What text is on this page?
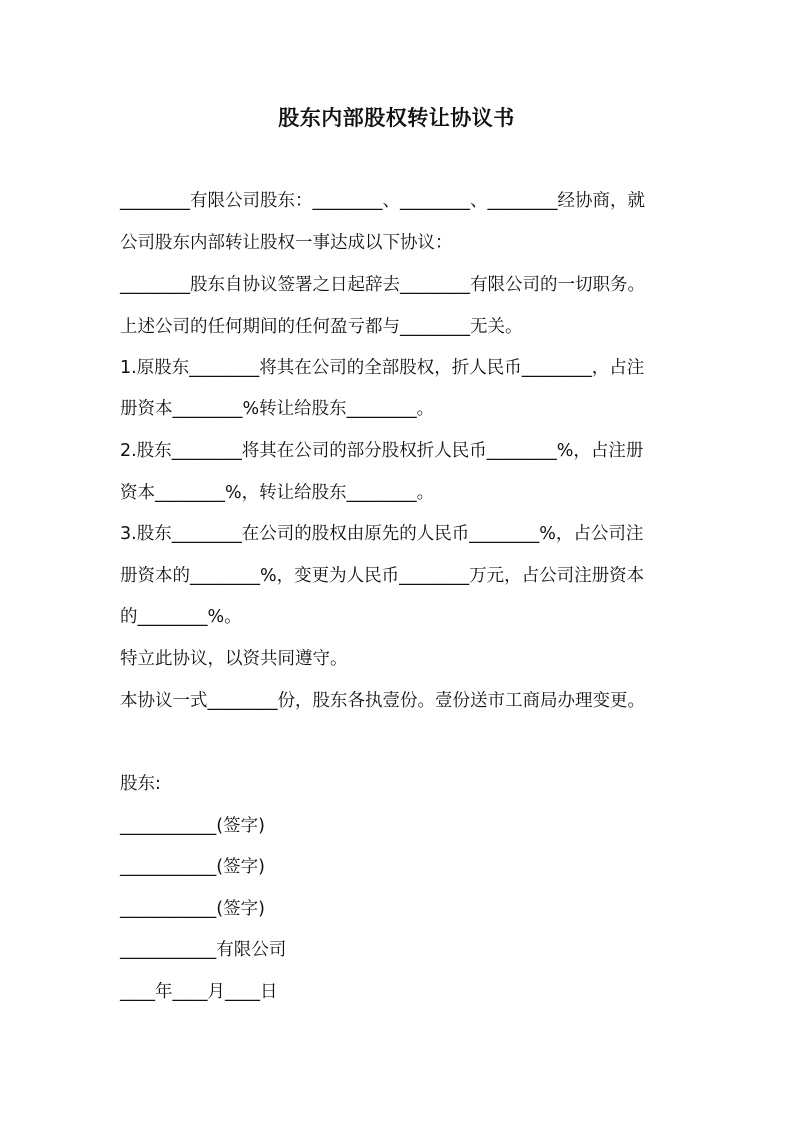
股东内部股权转让协议书

________有限公司股东：________、________、________经协商，就

公司股东内部转让股权一事达成以下协议：

________股东自协议签署之日起辞去________有限公司的一切职务。

上述公司的任何期间的任何盈亏都与________无关。

1.原股东________将其在公司的全部股权，折人民币________，占注

册资本________%转让给股东________。

2.股东________将其在公司的部分股权折人民币________%，占注册

资本________%，转让给股东________。

3.股东________在公司的股权由原先的人民币________%，占公司注

册资本的________%，变更为人民币________万元，占公司注册资本

的________%。

特立此协议，以资共同遵守。

本协议一式________份，股东各执壹份。壹份送市工商局办理变更。

股东:

___________(签字)

___________(签字)

___________(签字)

___________有限公司

____年____月____日
